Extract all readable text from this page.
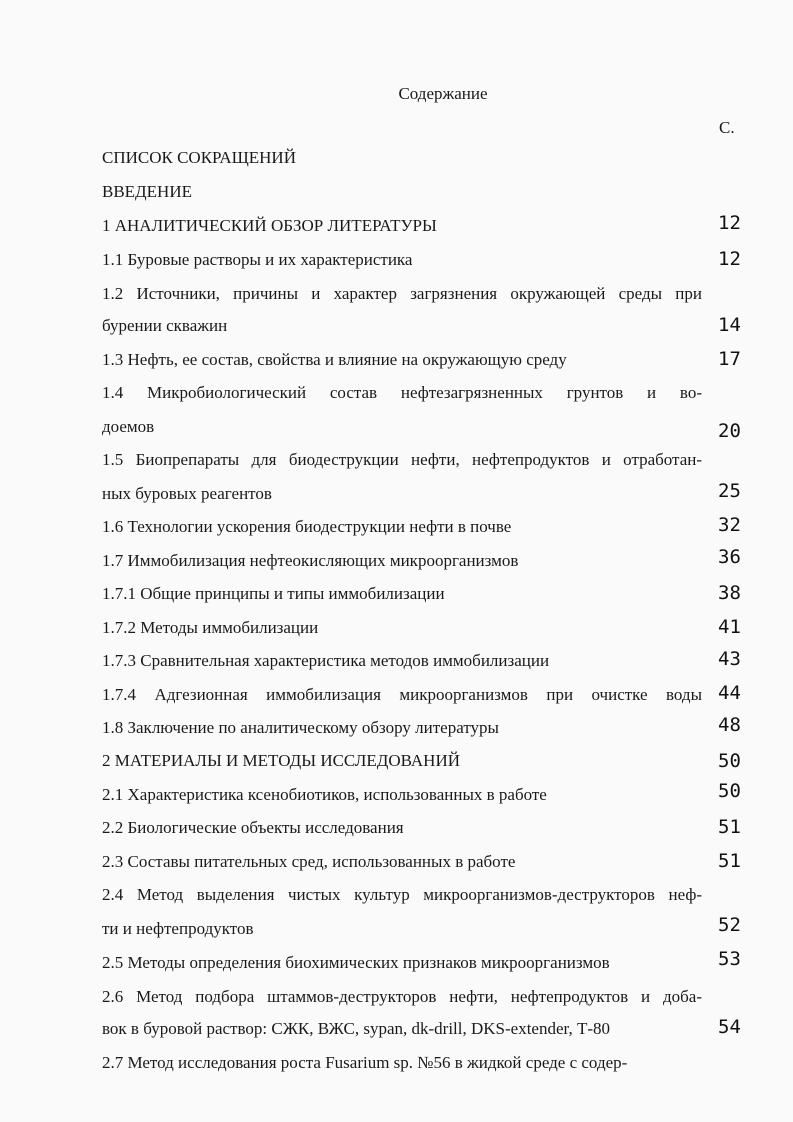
Содержание
С.
СПИСОК СОКРАЩЕНИЙ
ВВЕДЕНИЕ
1 АНАЛИТИЧЕСКИЙ ОБЗОР ЛИТЕРАТУРЫ	12
1.1 Буровые растворы и их характеристика	12
1.2 Источники, причины и характер загрязнения окружающей среды при
бурении скважин	14
1.3 Нефть, ее состав, свойства и влияние на окружающую среду	17
1.4 Микробиологический состав нефтезагрязненных грунтов и во-
доемов	20
1.5 Биопрепараты для биодеструкции нефти, нефтепродуктов и отработан-
ных буровых реагентов	25
1.6 Технологии ускорения биодеструкции нефти в почве	32
1.7 Иммобилизация нефтеокисляющих микроорганизмов	36
1.7.1 Общие принципы и типы иммобилизации	38
1.7.2 Методы иммобилизации	41
1.7.3 Сравнительная характеристика методов иммобилизации	43
1.7.4 Адгезионная иммобилизация микроорганизмов при очистке воды 44
1.8 Заключение по аналитическому обзору литературы	48
2 МАТЕРИАЛЫ И МЕТОДЫ ИССЛЕДОВАНИЙ	50
2.1 Характеристика ксенобиотиков, использованных в работе	50
2.2 Биологические объекты исследования	51
2.3 Составы питательных сред, использованных в работе	51
2.4 Метод выделения чистых культур микроорганизмов-деструкторов неф-
ти и нефтепродуктов	52
2.5 Методы определения биохимических признаков микроорганизмов	53
2.6 Метод подбора штаммов-деструкторов нефти, нефтепродуктов и доба-
вок в буровой раствор: СЖК, ВЖС, sypan, dk-drill, DKS-extender, Т-80	54
2.7 Метод исследования роста Fusarium sp. №56 в жидкой среде с содер-
